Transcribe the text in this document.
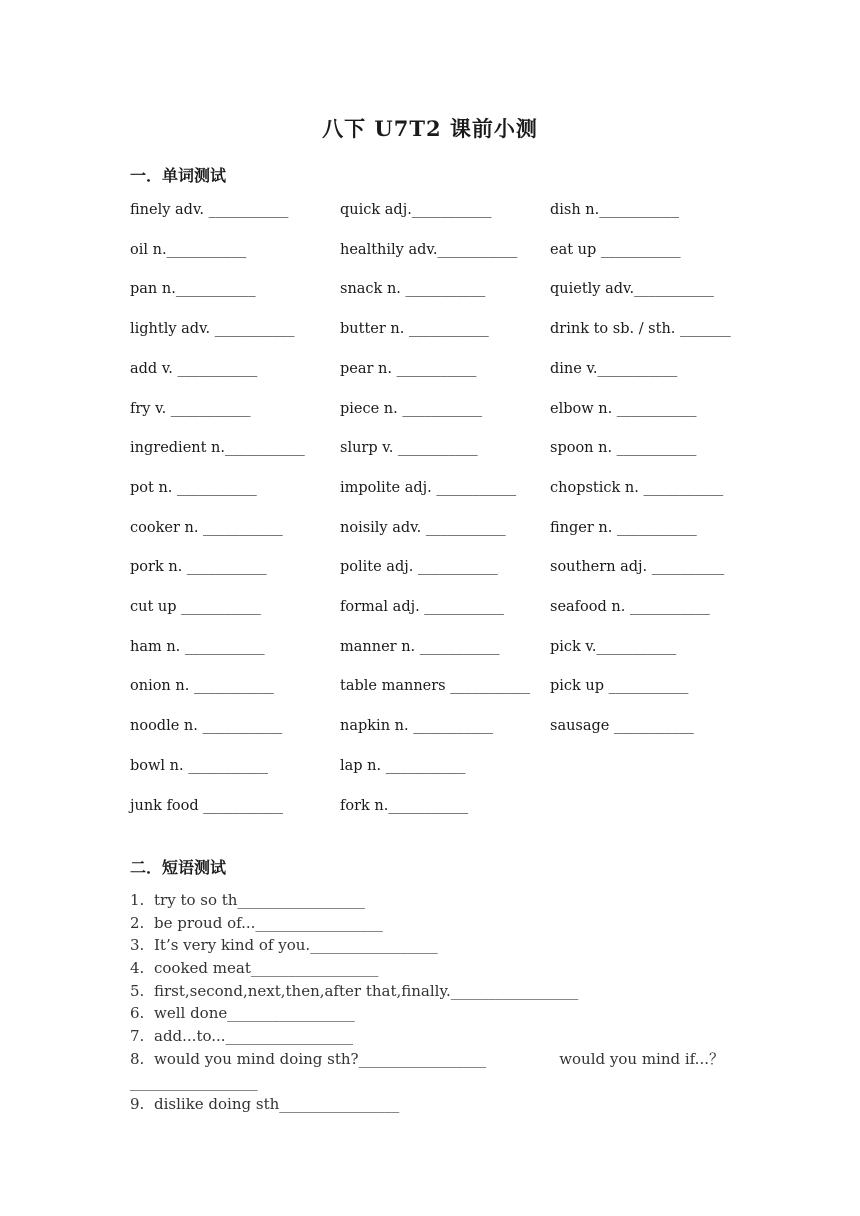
八下 U7T2 课前小测
一．单词测试
finely adv. ___________	quick adj.___________	dish n.___________
oil n.___________	healthily adv.___________ eat up ___________
pan n.___________	snack n. ___________	quietly adv.___________
lightly adv. ___________	butter n. ___________	drink to sb. / sth. _______
add v. ___________	pear n. ___________	dine v.___________
fry v. ___________	piece n. ___________	elbow n. ___________
ingredient n.___________ slurp v. ___________	spoon n. ___________
pot n. ___________	impolite adj. ___________ chopstick n. ___________
cooker n. ___________	noisily adv. ___________	finger n. ___________
pork n. ___________	polite adj. ___________	southern adj. __________
cut up ___________	formal adj. ___________	seafood n. ___________
ham n. ___________	manner n. ___________	pick v.___________
onion n. ___________	table manners ___________ pick up ___________
noodle n. ___________	napkin n. ___________	sausage ___________
bowl n. ___________	lap n. ___________
junk food ___________	fork n.___________
二．短语测试
1. try to so th_________________
2. be proud of..._________________
3. It’s very kind of you._________________
4. cooked meat_________________
5. first,second,next,then,after that,finally._________________
6. well done_________________
7. add...to..._________________
8. would you mind doing sth?_________________	would you mind if...？
_________________
9. dislike doing sth________________
